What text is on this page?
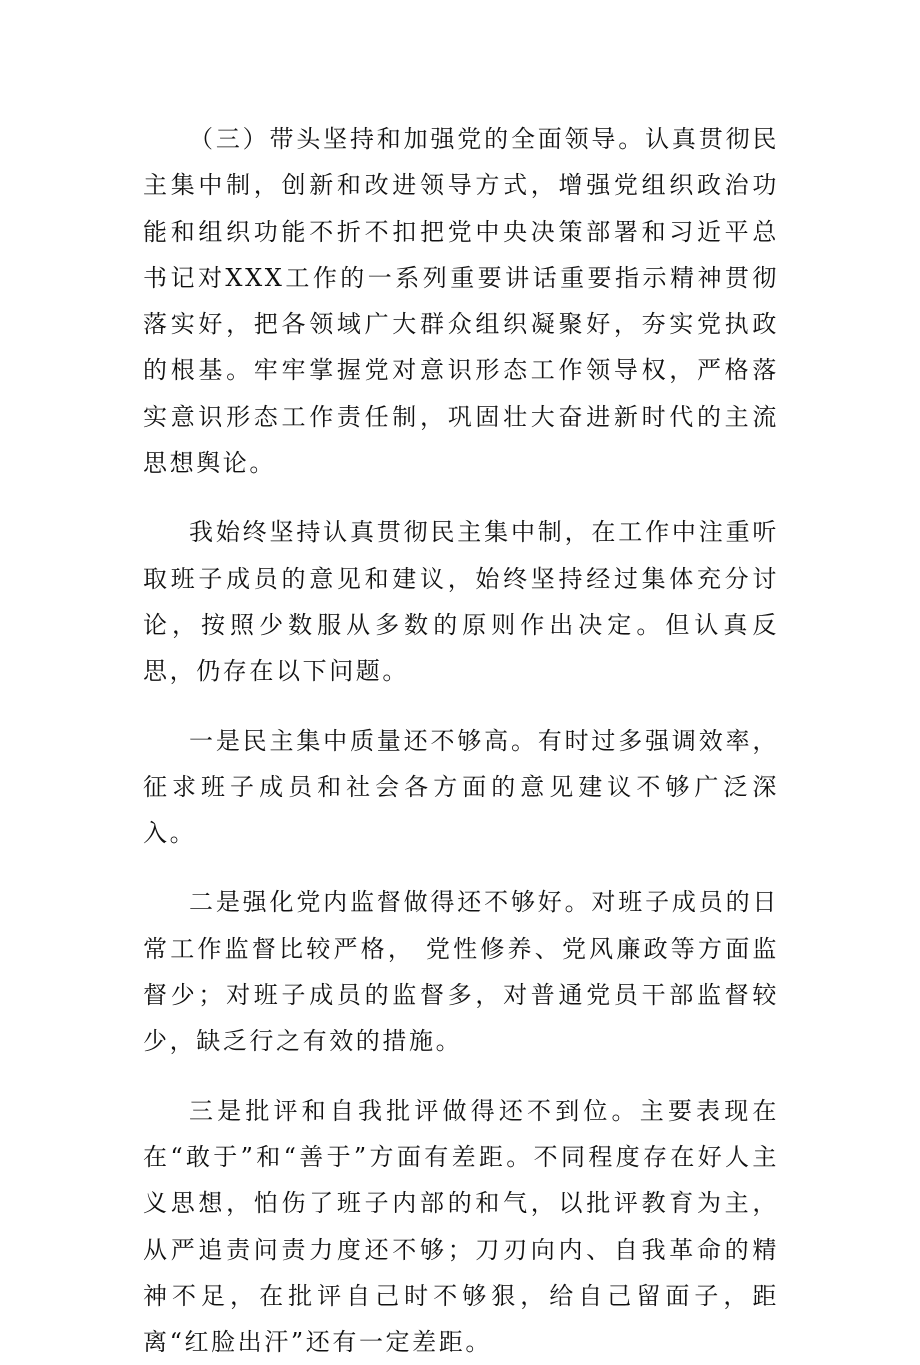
（三）带头坚持和加强党的全面领导。认真贯彻民主集中制，创新和改进领导方式，增强党组织政治功能和组织功能不折不扣把党中央决策部署和习近平总书记对XXX工作的一系列重要讲话重要指示精神贯彻落实好，把各领域广大群众组织凝聚好，夯实党执政的根基。牢牢掌握党对意识形态工作领导权，严格落实意识形态工作责任制，巩固壮大奋进新时代的主流思想舆论。

我始终坚持认真贯彻民主集中制，在工作中注重听取班子成员的意见和建议，始终坚持经过集体充分讨论，按照少数服从多数的原则作出决定。但认真反思，仍存在以下问题。

一是民主集中质量还不够高。有时过多强调效率，征求班子成员和社会各方面的意见建议不够广泛深入。

二是强化党内监督做得还不够好。对班子成员的日常工作监督比较严格， 党性修养、党风廉政等方面监督少；对班子成员的监督多，对普通党员干部监督较少，缺乏行之有效的措施。

三是批评和自我批评做得还不到位。主要表现在在“敢于”和“善于”方面有差距。不同程度存在好人主义思想，怕伤了班子内部的和气，以批评教育为主，从严追责问责力度还不够；刀刃向内、自我革命的精神不足，在批评自己时不够狠，给自己留面子，距离“红脸出汗”还有一定差距。
